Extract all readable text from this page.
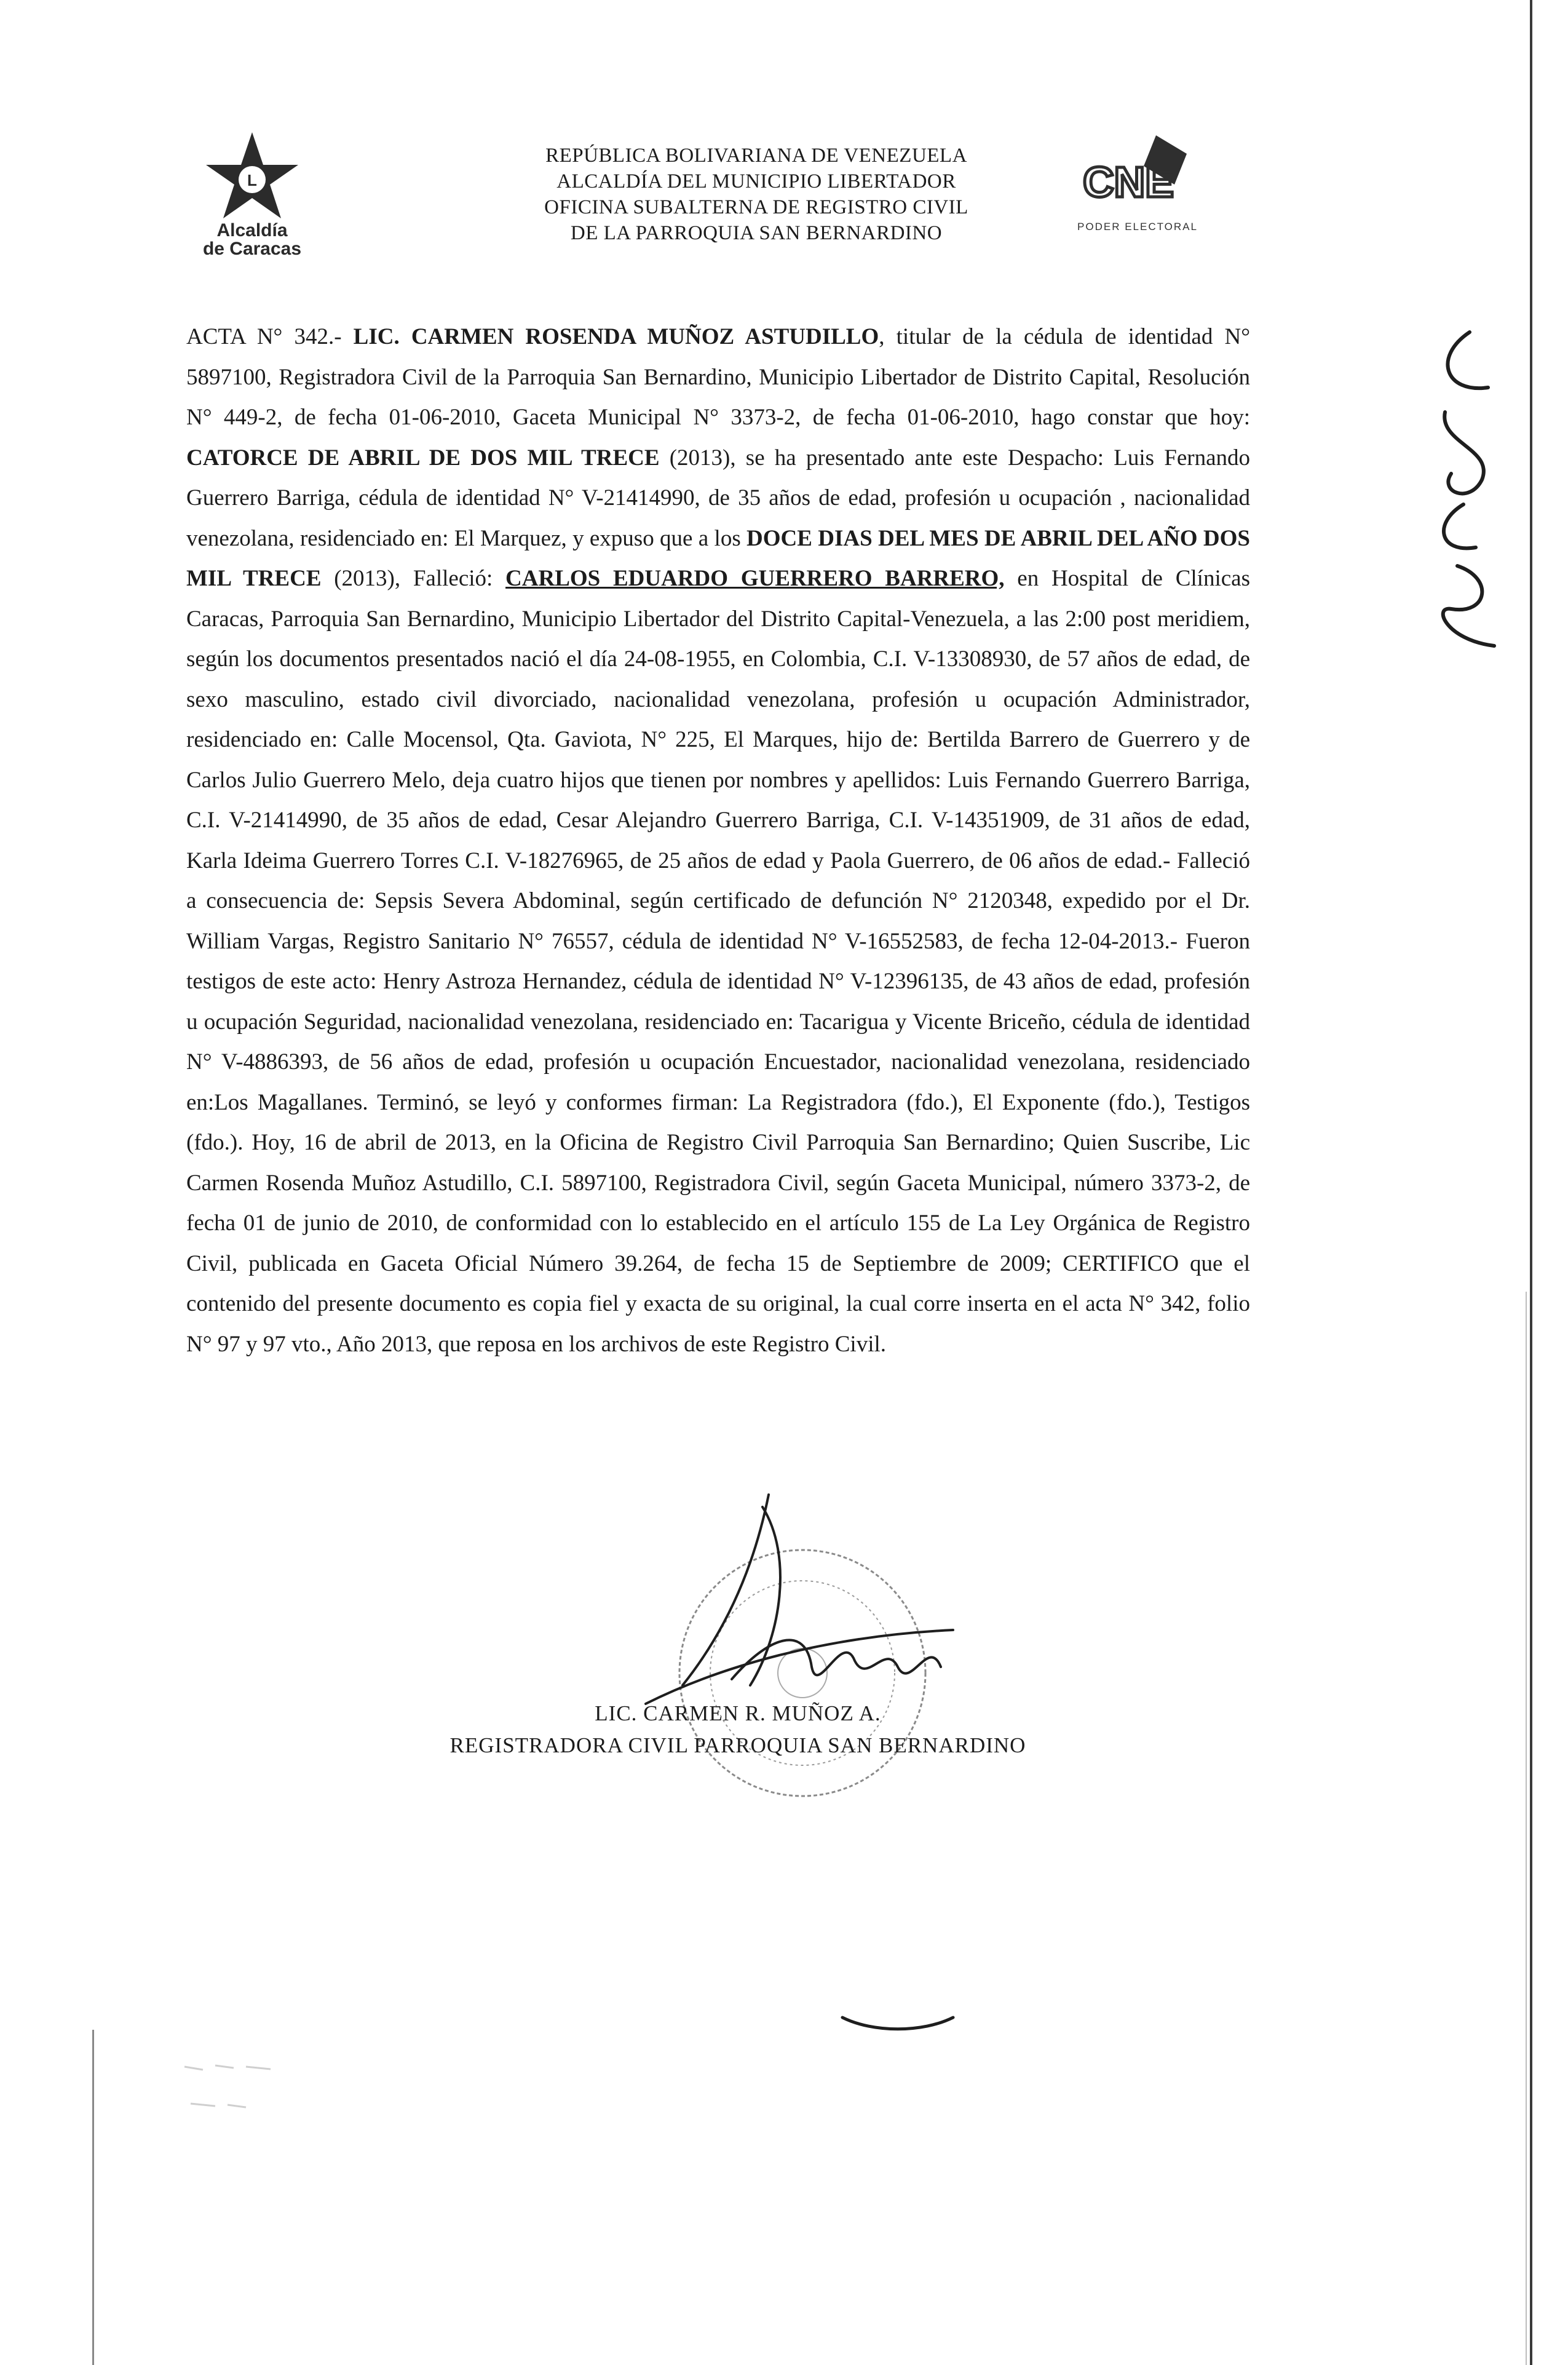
L
Alcaldía
de Caracas
REPÚBLICA BOLIVARIANA DE VENEZUELA
ALCALDÍA DEL MUNICIPIO LIBERTADOR
OFICINA SUBALTERNA DE REGISTRO CIVIL
DE LA PARROQUIA SAN BERNARDINO
CNE
PODER ELECTORAL

ACTA N° 342.- LIC. CARMEN ROSENDA MUÑOZ ASTUDILLO, titular de la cédula de identidad N° 5897100, Registradora Civil de la Parroquia San Bernardino, Municipio Libertador de Distrito Capital, Resolución N° 449-2, de fecha 01-06-2010, Gaceta Municipal N° 3373-2, de fecha 01-06-2010, hago constar que hoy: CATORCE DE ABRIL DE DOS MIL TRECE (2013), se ha presentado ante este Despacho: Luis Fernando Guerrero Barriga, cédula de identidad N° V-21414990, de 35 años de edad, profesión u ocupación , nacionalidad venezolana, residenciado en: El Marquez, y expuso que a los DOCE DIAS DEL MES DE ABRIL DEL AÑO DOS MIL TRECE (2013), Falleció: CARLOS EDUARDO GUERRERO BARRERO, en Hospital de Clínicas Caracas, Parroquia San Bernardino, Municipio Libertador del Distrito Capital-Venezuela, a las 2:00 post meridiem, según los documentos presentados nació el día 24-08-1955, en Colombia, C.I. V-13308930, de 57 años de edad, de sexo masculino, estado civil divorciado, nacionalidad venezolana, profesión u ocupación Administrador, residenciado en: Calle Mocensol, Qta. Gaviota, N° 225, El Marques, hijo de: Bertilda Barrero de Guerrero y de Carlos Julio Guerrero Melo, deja cuatro hijos que tienen por nombres y apellidos: Luis Fernando Guerrero Barriga, C.I. V-21414990, de 35 años de edad, Cesar Alejandro Guerrero Barriga, C.I. V-14351909, de 31 años de edad, Karla Ideima Guerrero Torres C.I. V-18276965, de 25 años de edad y Paola Guerrero, de 06 años de edad.- Falleció a consecuencia de: Sepsis Severa Abdominal, según certificado de defunción N° 2120348, expedido por el Dr. William Vargas, Registro Sanitario N° 76557, cédula de identidad N° V-16552583, de fecha 12-04-2013.- Fueron testigos de este acto: Henry Astroza Hernandez, cédula de identidad N° V-12396135, de 43 años de edad, profesión u ocupación Seguridad, nacionalidad venezolana, residenciado en: Tacarigua y Vicente Briceño, cédula de identidad N° V-4886393, de 56 años de edad, profesión u ocupación Encuestador, nacionalidad venezolana, residenciado en:Los Magallanes. Terminó, se leyó y conformes firman: La Registradora (fdo.), El Exponente (fdo.), Testigos (fdo.). Hoy, 16 de abril de 2013, en la Oficina de Registro Civil Parroquia San Bernardino; Quien Suscribe, Lic Carmen Rosenda Muñoz Astudillo, C.I. 5897100, Registradora Civil, según Gaceta Municipal, número 3373-2, de fecha 01 de junio de 2010, de conformidad con lo establecido en el artículo 155 de La Ley Orgánica de Registro Civil, publicada en Gaceta Oficial Número 39.264, de fecha 15 de Septiembre de 2009; CERTIFICO que el contenido del presente documento es copia fiel y exacta de su original, la cual corre inserta en el acta N° 342, folio N° 97 y 97 vto., Año 2013, que reposa en los archivos de este Registro Civil.

LIC. CARMEN R. MUÑOZ A.
REGISTRADORA CIVIL PARROQUIA SAN BERNARDINO
